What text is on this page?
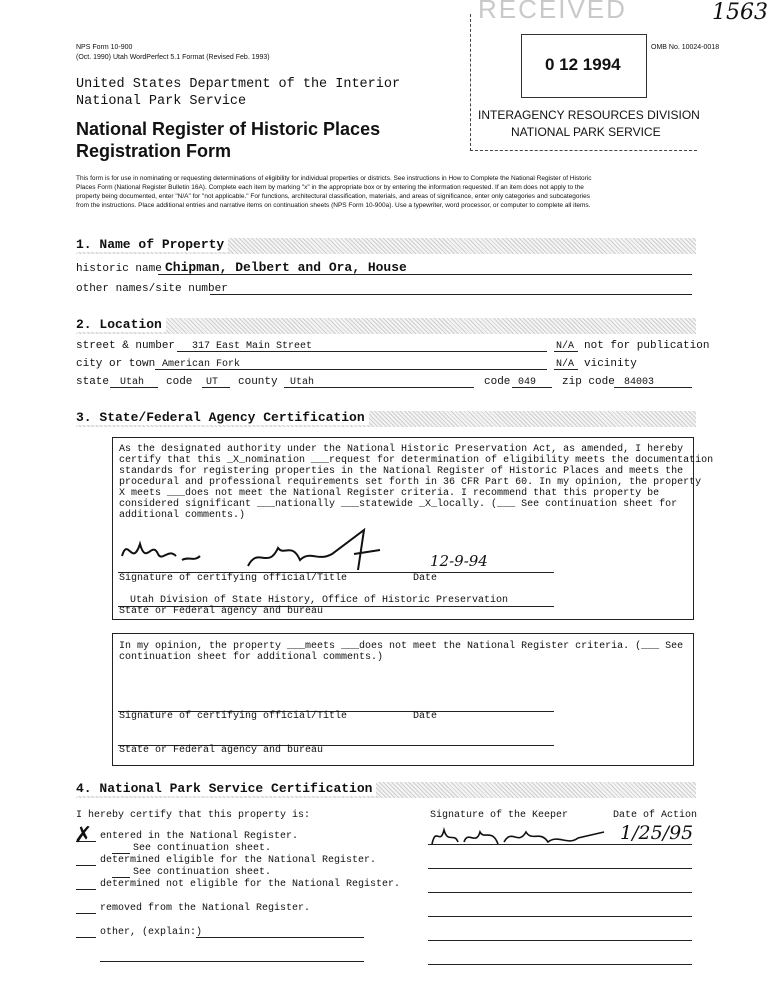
NPS Form 10-900
(Oct. 1990) Utah WordPerfect 5.1 Format (Revised Feb. 1993)
OMB No. 10024-0018
United States Department of the Interior
National Park Service
National Register of Historic Places
Registration Form
RECEIVED
0 12 1994
INTERAGENCY RESOURCES DIVISION
NATIONAL PARK SERVICE
1563
This form is for use in nominating or requesting determinations of eligibility for individual properties or districts. See instructions in How to Complete the National Register of Historic
Places Form (National Register Bulletin 16A). Complete each item by marking "x" in the appropriate box or by entering the information requested. If an item does not apply to the
property being documented, enter "N/A" for "not applicable." For functions, architectural classification, materials, and areas of significance, enter only categories and subcategories
from the instructions. Place additional entries and narrative items on continuation sheets (NPS Form 10-900a). Use a typewriter, word processor, or computer to complete all items.
1. Name of Property
historic name Chipman, Delbert and Ora, House
other names/site number
2. Location
street & number 317 East Main Street	N/A not for publication
city or town American Fork	N/A vicinity
state Utah code UT county Utah	code 049 zip code 84003
3. State/Federal Agency Certification
As the designated authority under the National Historic Preservation Act, as amended, I hereby
certify that this _X_nomination ___request for determination of eligibility meets the documentation
standards for registering properties in the National Register of Historic Places and meets the
procedural and professional requirements set forth in 36 CFR Part 60. In my opinion, the property
X meets ___does not meet the National Register criteria. I recommend that this property be
considered significant ___nationally ___statewide _X_locally. (___ See continuation sheet for
additional comments.)
12-9-94
Signature of certifying official/Title	Date
Utah Division of State History, Office of Historic Preservation
State or Federal agency and bureau
In my opinion, the property ___meets ___does not meet the National Register criteria. (___ See
continuation sheet for additional comments.)
Signature of certifying official/Title	Date
State or Federal agency and bureau
4. National Park Service Certification
I hereby certify that this property is:	Signature of the Keeper	Date of Action
✗ entered in the National Register.
See continuation sheet.
determined eligible for the National Register.
See continuation sheet.
determined not eligible for the National Register.
removed from the National Register.
other, (explain:)
1/25/95
